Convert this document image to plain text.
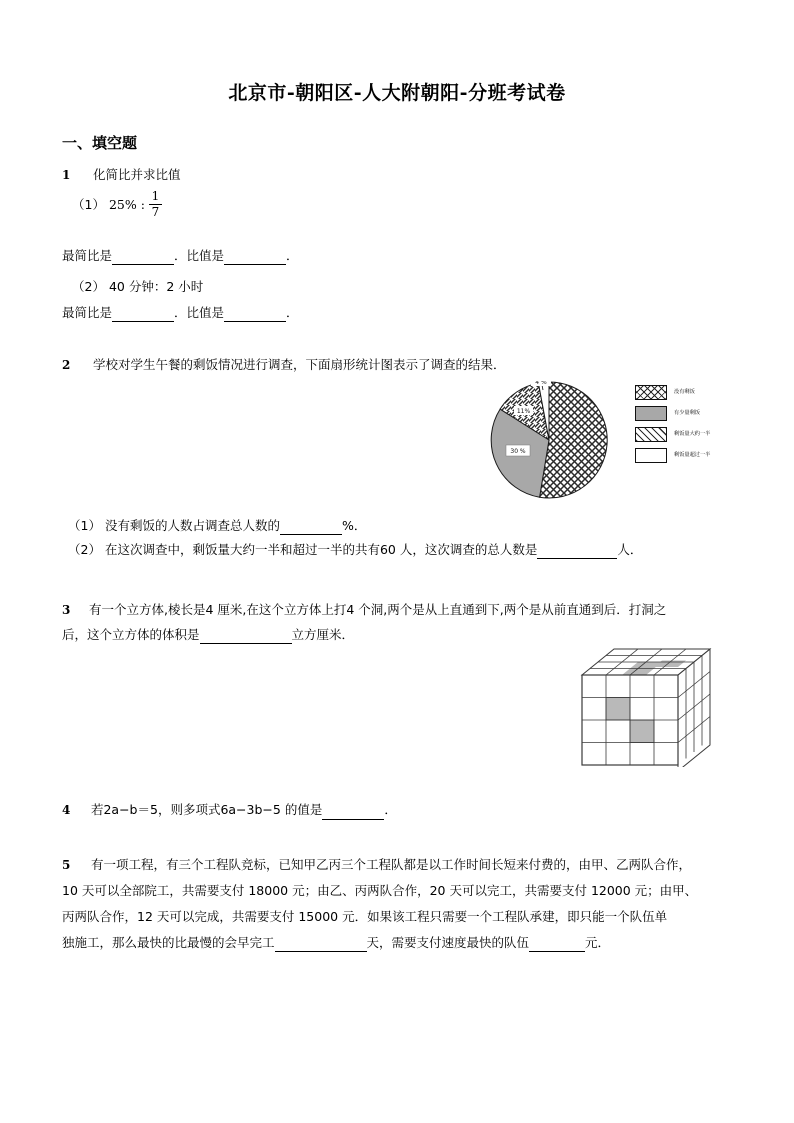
北京市-朝阳区-人大附朝阳-分班考试卷
一、填空题
1 化简比并求比值
（1） 25% : $\frac{1}{7}$
最简比是	．比值是	．
（2） 40 分钟：2 小时
最简比是	．比值是	．
2 学校对学生午餐的剩饭情况进行调查，下面扇形统计图表示了调查的结果．
4 %
11%
30 %
没有剩饭
有少量剩饭
剩饭量大约一半
剩饭量超过一半
（1） 没有剩饭的人数占调查总人数的	%．
（2） 在这次调查中，剩饭量大约一半和超过一半的共有60 人，这次调查的总人数是	人．
3 有一个立方体,棱长是4 厘米,在这个立方体上打4 个洞,两个是从上直通到下,两个是从前直通到后．打洞之
后，这个立方体的体积是	立方厘米．
4 若2a−b＝5，则多项式6a−3b−5 的值是	．
5 有一项工程，有三个工程队竞标，已知甲乙丙三个工程队都是以工作时间长短来付费的，由甲、乙两队合作，
10 天可以全部院工，共需要支付 18000 元；由乙、丙两队合作，20 天可以完工，共需要支付 12000 元；由甲、
丙两队合作，12 天可以完成，共需要支付 15000 元．如果该工程只需要一个工程队承建，即只能一个队伍单
独施工，那么最快的比最慢的会早完工	天，需要支付速度最快的队伍	元．
